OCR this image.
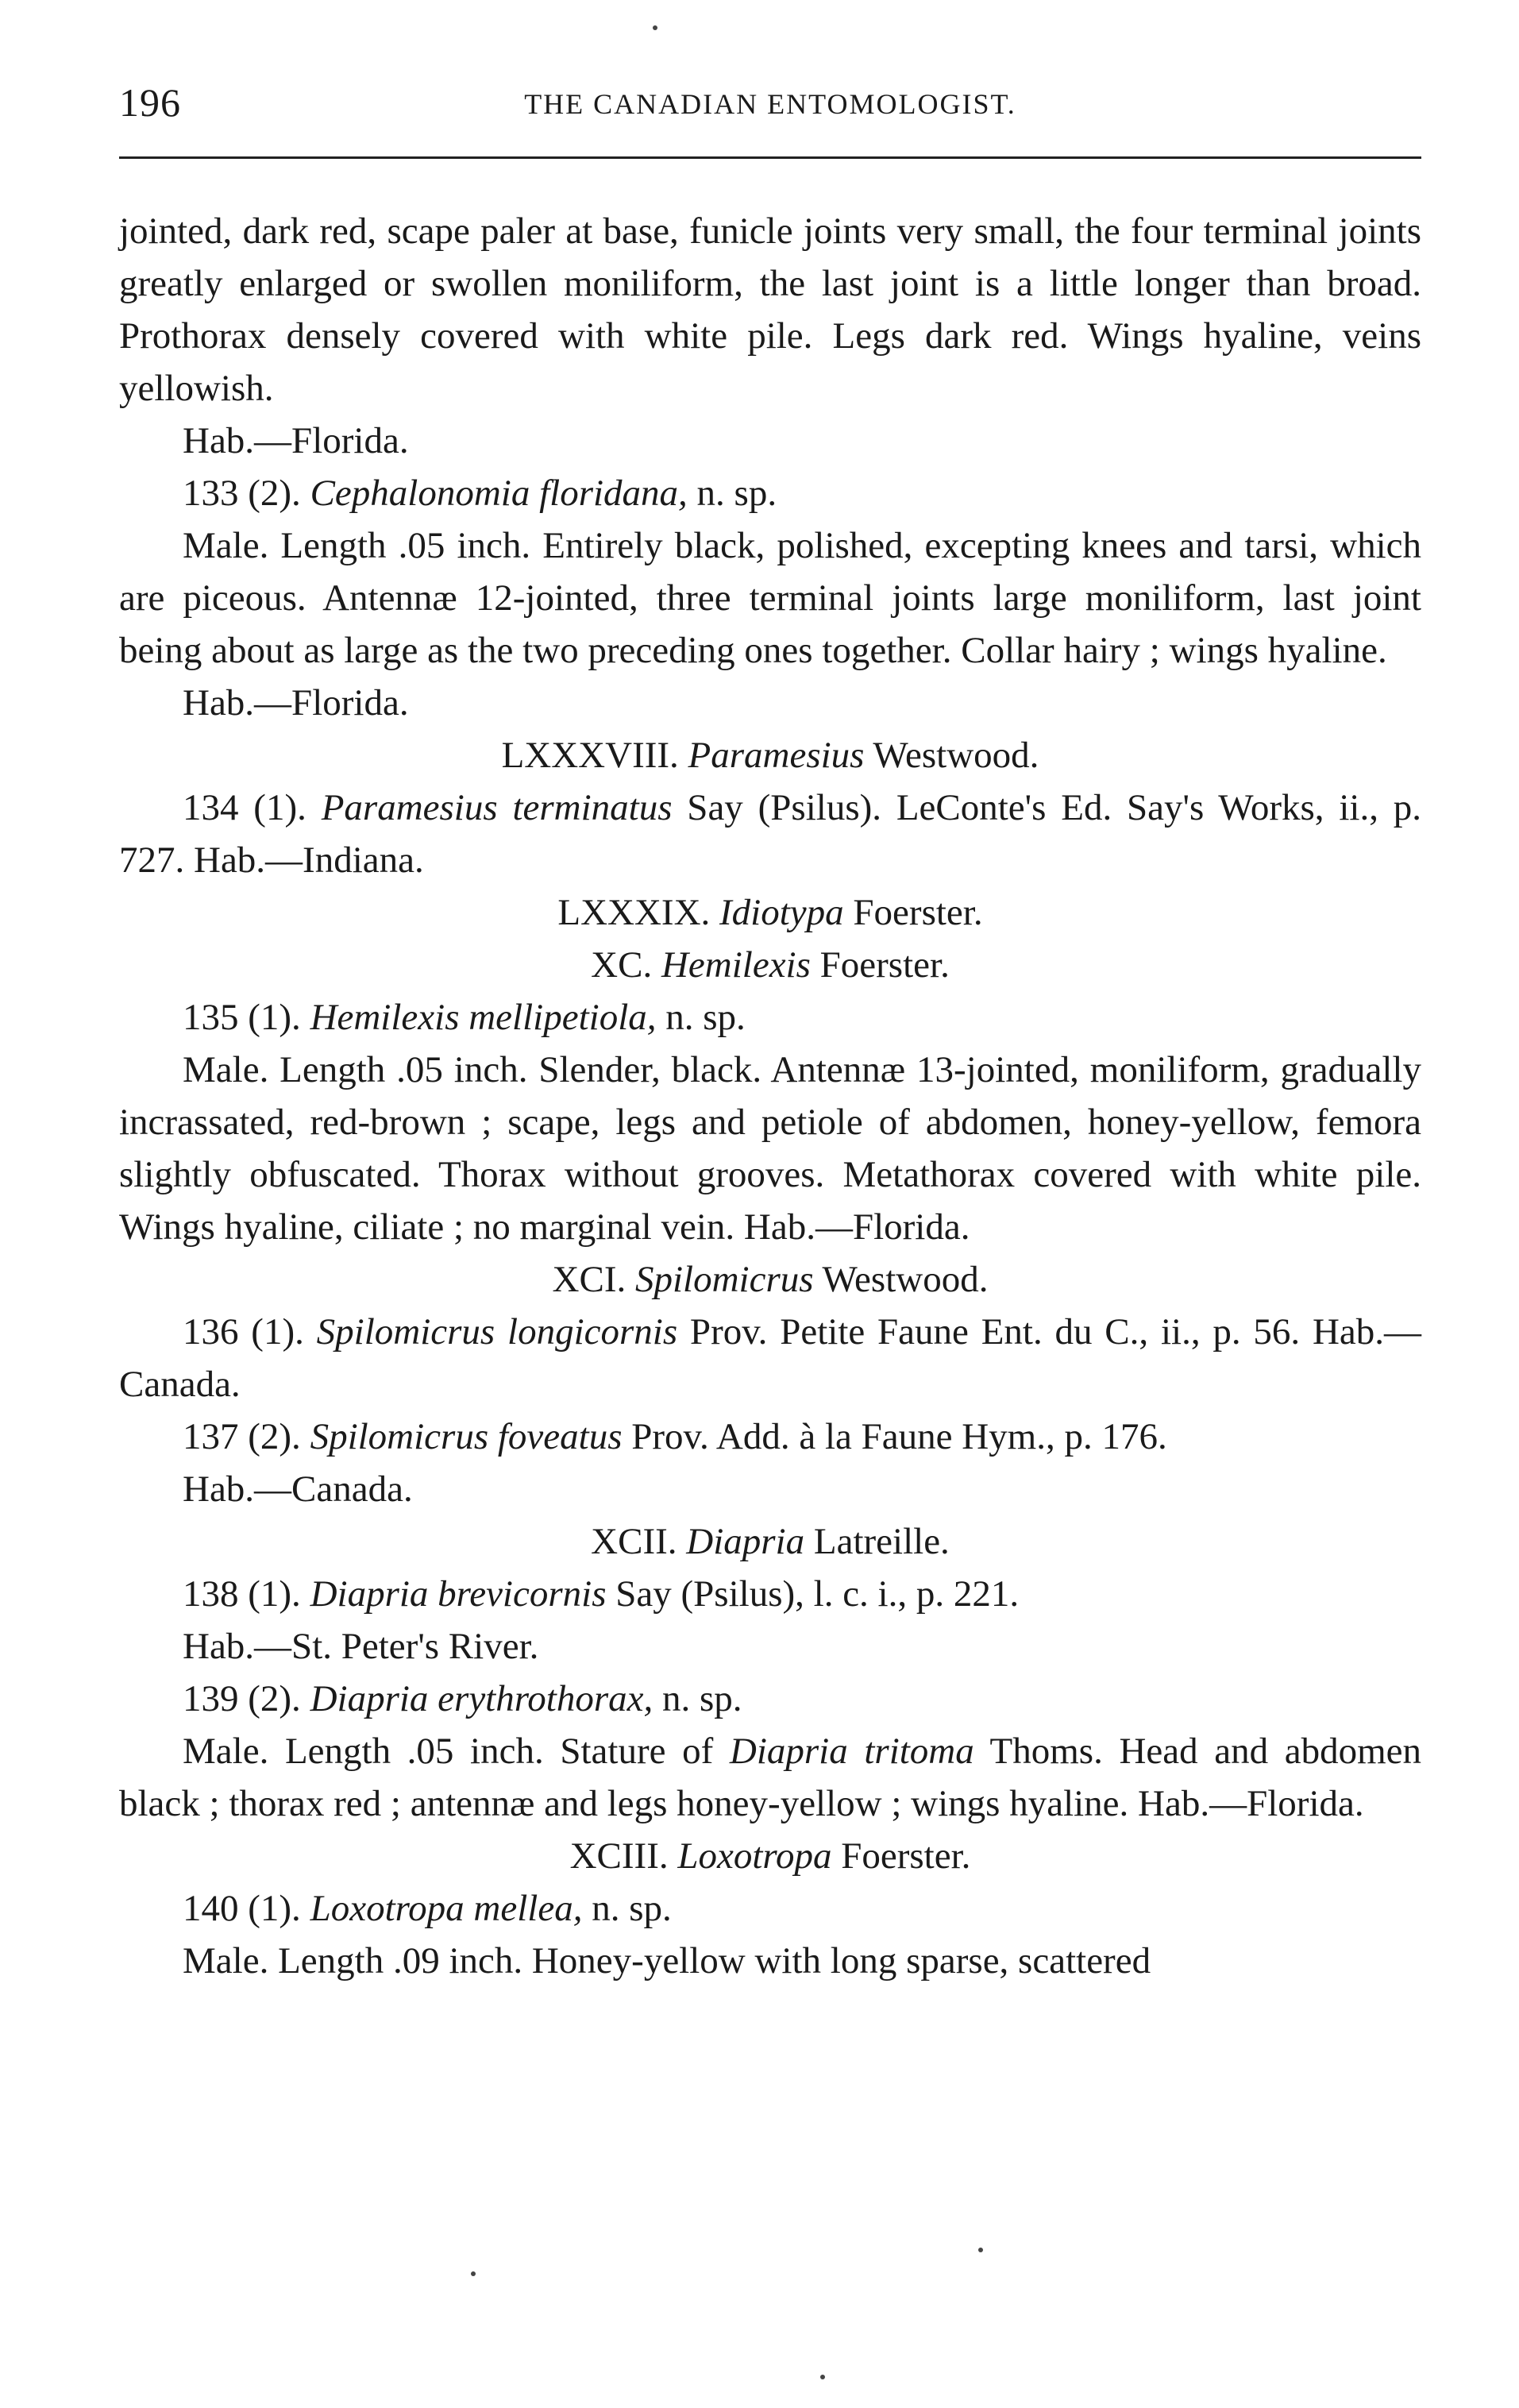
196	THE CANADIAN ENTOMOLOGIST.

jointed, dark red, scape paler at base, funicle joints very small, the four terminal joints greatly enlarged or swollen moniliform, the last joint is a little longer than broad. Prothorax densely covered with white pile. Legs dark red. Wings hyaline, veins yellowish.

Hab.—Florida.

133 (2). Cephalonomia floridana, n. sp.

Male. Length .05 inch. Entirely black, polished, excepting knees and tarsi, which are piceous. Antennæ 12-jointed, three terminal joints large moniliform, last joint being about as large as the two preceding ones together. Collar hairy ; wings hyaline.

Hab.—Florida.

LXXXVIII. Paramesius Westwood.

134 (1). Paramesius terminatus Say (Psilus). LeConte's Ed. Say's Works, ii., p. 727. Hab.—Indiana.

LXXXIX. Idiotypa Foerster.

XC. Hemilexis Foerster.

135 (1). Hemilexis mellipetiola, n. sp.

Male. Length .05 inch. Slender, black. Antennæ 13-jointed, moniliform, gradually incrassated, red-brown ; scape, legs and petiole of abdomen, honey-yellow, femora slightly obfuscated. Thorax without grooves. Metathorax covered with white pile. Wings hyaline, ciliate ; no marginal vein. Hab.—Florida.

XCI. Spilomicrus Westwood.

136 (1). Spilomicrus longicornis Prov. Petite Faune Ent. du C., ii., p. 56. Hab.—Canada.

137 (2). Spilomicrus foveatus Prov. Add. à la Faune Hym., p. 176.

Hab.—Canada.

XCII. Diapria Latreille.

138 (1). Diapria brevicornis Say (Psilus), l. c. i., p. 221.

Hab.—St. Peter's River.

139 (2). Diapria erythrothorax, n. sp.

Male. Length .05 inch. Stature of Diapria tritoma Thoms. Head and abdomen black ; thorax red ; antennæ and legs honey-yellow ; wings hyaline. Hab.—Florida.

XCIII. Loxotropa Foerster.

140 (1). Loxotropa mellea, n. sp.

Male. Length .09 inch. Honey-yellow with long sparse, scattered
